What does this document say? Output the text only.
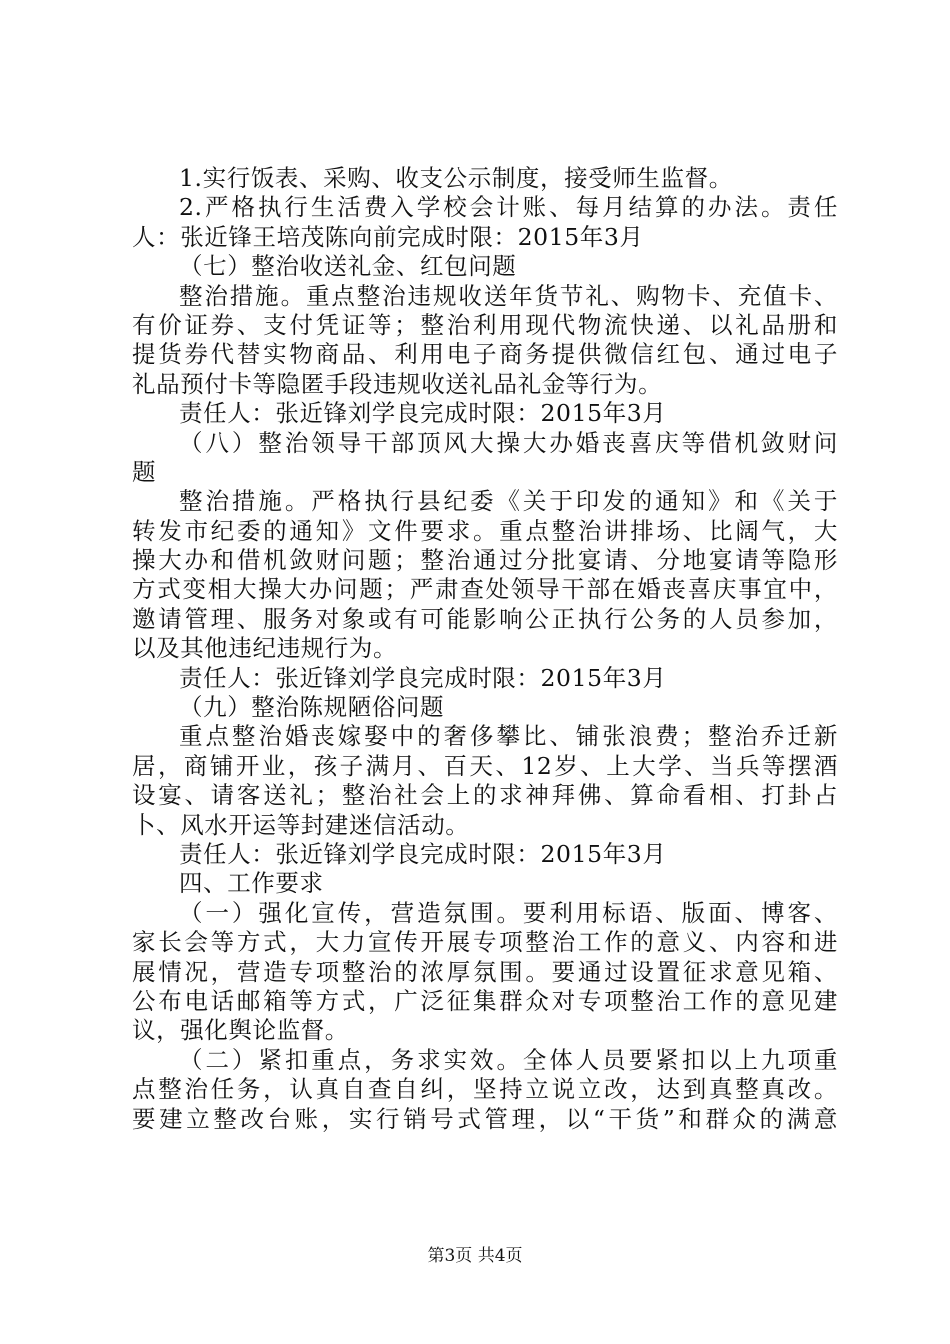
1.实行饭表、采购、收支公示制度，接受师生监督。
2.严格执行生活费入学校会计账、每月结算的办法。责任
人：张近锋王培茂陈向前完成时限：2015年3月
（七）整治收送礼金、红包问题
整治措施。重点整治违规收送年货节礼、购物卡、充值卡、
有价证券、支付凭证等；整治利用现代物流快递、以礼品册和
提货券代替实物商品、利用电子商务提供微信红包、通过电子
礼品预付卡等隐匿手段违规收送礼品礼金等行为。
责任人：张近锋刘学良完成时限：2015年3月
（八）整治领导干部顶风大操大办婚丧喜庆等借机敛财问
题
整治措施。严格执行县纪委《关于印发的通知》和《关于
转发市纪委的通知》文件要求。重点整治讲排场、比阔气，大
操大办和借机敛财问题；整治通过分批宴请、分地宴请等隐形
方式变相大操大办问题；严肃查处领导干部在婚丧喜庆事宜中，
邀请管理、服务对象或有可能影响公正执行公务的人员参加，
以及其他违纪违规行为。
责任人：张近锋刘学良完成时限：2015年3月
（九）整治陈规陋俗问题
重点整治婚丧嫁娶中的奢侈攀比、铺张浪费；整治乔迁新
居，商铺开业，孩子满月、百天、12岁、上大学、当兵等摆酒
设宴、请客送礼；整治社会上的求神拜佛、算命看相、打卦占
卜、风水开运等封建迷信活动。
责任人：张近锋刘学良完成时限：2015年3月
四、工作要求
（一）强化宣传，营造氛围。要利用标语、版面、博客、
家长会等方式，大力宣传开展专项整治工作的意义、内容和进
展情况，营造专项整治的浓厚氛围。要通过设置征求意见箱、
公布电话邮箱等方式，广泛征集群众对专项整治工作的意见建
议，强化舆论监督。
（二）紧扣重点，务求实效。全体人员要紧扣以上九项重
点整治任务，认真自查自纠，坚持立说立改，达到真整真改。
要建立整改台账，实行销号式管理，以“干货”和群众的满意
第3页 共4页
